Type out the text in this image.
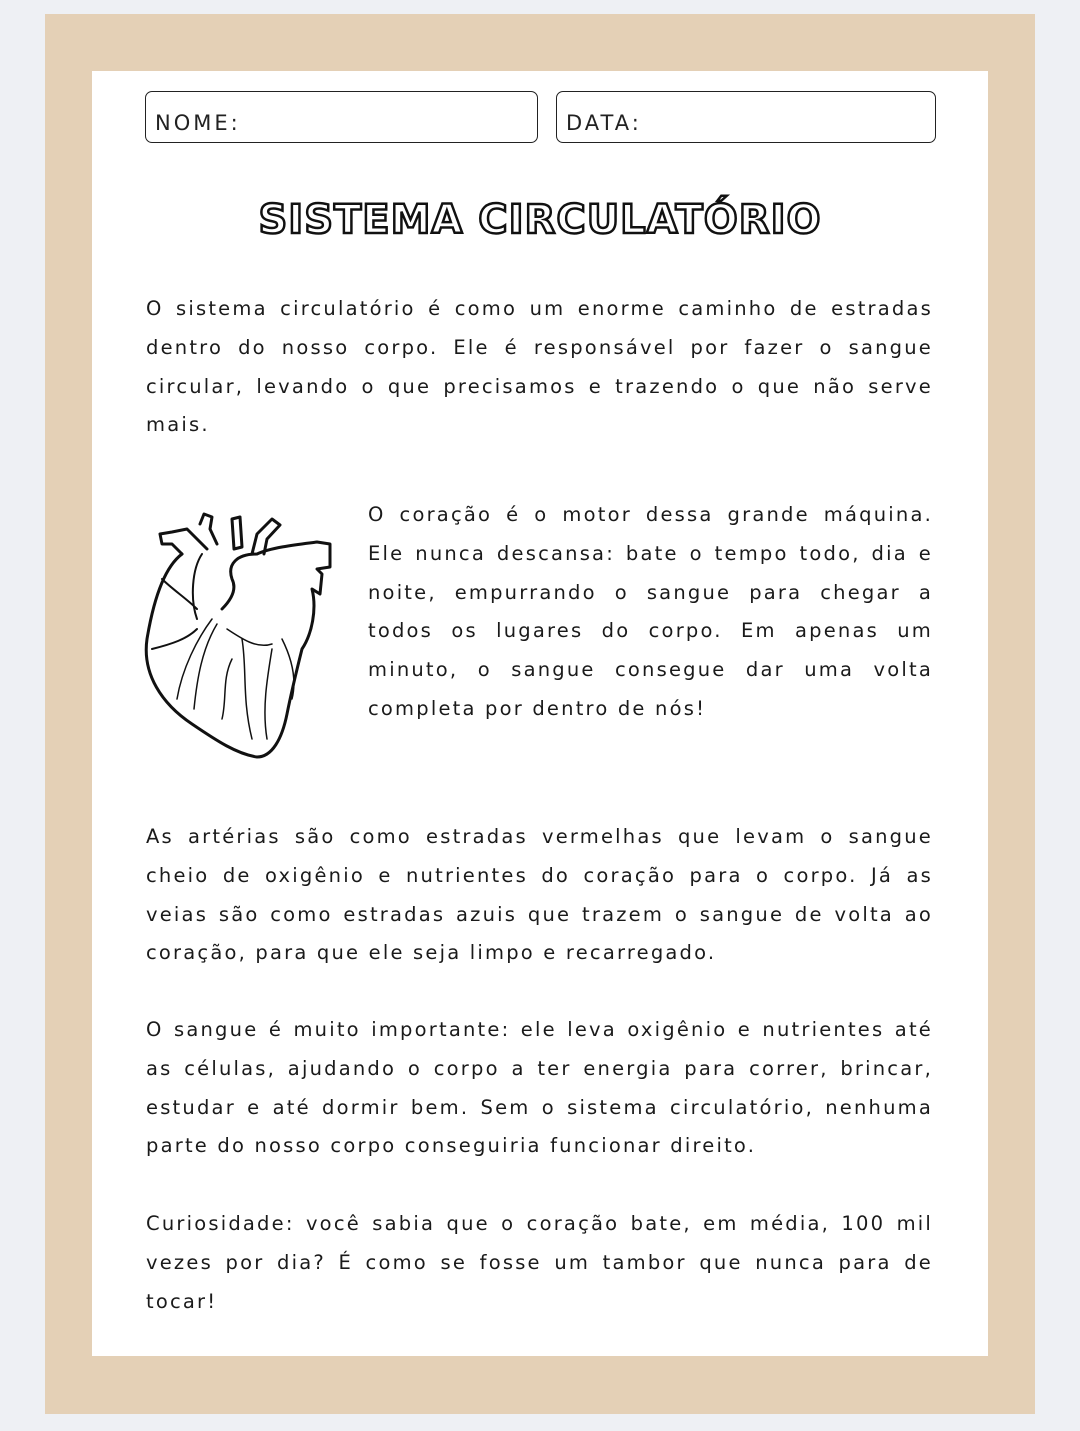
NOME:	DATA:
SISTEMA CIRCULATÓRIO

O sistema circulatório é como um enorme caminho de estradas dentro do nosso corpo. Ele é responsável por fazer o sangue circular, levando o que precisamos e trazendo o que não serve mais.

O coração é o motor dessa grande máquina. Ele nunca descansa: bate o tempo todo, dia e noite, empurrando o sangue para chegar a todos os lugares do corpo. Em apenas um minuto, o sangue consegue dar uma volta completa por dentro de nós!

As artérias são como estradas vermelhas que levam o sangue cheio de oxigênio e nutrientes do coração para o corpo. Já as veias são como estradas azuis que trazem o sangue de volta ao coração, para que ele seja limpo e recarregado.

O sangue é muito importante: ele leva oxigênio e nutrientes até as células, ajudando o corpo a ter energia para correr, brincar, estudar e até dormir bem. Sem o sistema circulatório, nenhuma parte do nosso corpo conseguiria funcionar direito.

Curiosidade: você sabia que o coração bate, em média, 100 mil vezes por dia? É como se fosse um tambor que nunca para de tocar!
